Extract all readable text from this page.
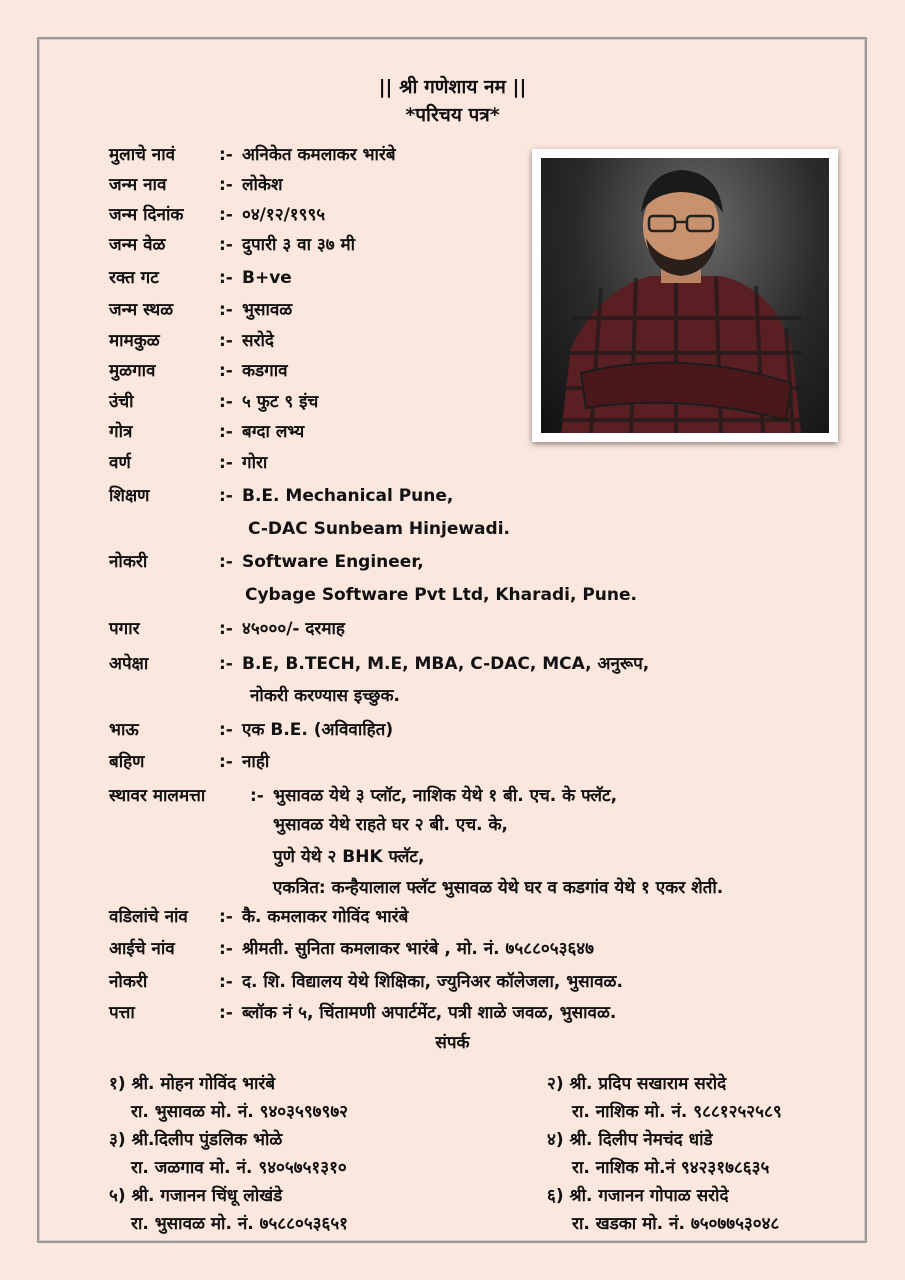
|| श्री गणेशाय नम ||
*परिचय पत्र*
मुलाचे नावं	:- अनिकेत कमलाकर भारंबे
जन्म नाव	:- लोकेश
जन्म दिनांक :- ०४/१२/१९९५
जन्म वेळ	:- दुपारी ३ वा ३७ मी
रक्त गट	:- B+ve
जन्म स्थळ	:- भुसावळ
मामकुळ	:- सरोदे
मुळगाव	:- कडगाव
उंची	:- ५ फुट ९ इंच
गोत्र	:- बग्दा लभ्य
वर्ण	:- गोरा
शिक्षण	:- B.E. Mechanical Pune,
C-DAC Sunbeam Hinjewadi.
नोकरी	:- Software Engineer,
Cybage Software Pvt Ltd, Kharadi, Pune.
पगार	:- ४५०००/- दरमाह
अपेक्षा	:- B.E, B.TECH, M.E, MBA, C-DAC, MCA, अनुरूप,
नोकरी करण्यास इच्छुक.
भाऊ	:- एक B.E. (अविवाहित)
बहिण	:- नाही
स्थावर मालमत्ता	:- भुसावळ येथे ३ प्लॉट, नाशिक येथे १ बी. एच. के फ्लॅट,
भुसावळ येथे राहते घर २ बी. एच. के,
पुणे येथे २ BHK फ्लॅट,
एकत्रित: कन्हैयालाल फ्लॅट भुसावळ येथे घर व कडगांव येथे १ एकर शेती.
वडिलांचे नांव :- कै. कमलाकर गोविंद भारंबे
आईचे नांव	:- श्रीमती. सुनिता कमलाकर भारंबे , मो. नं. ७५८८०५३६४७
नोकरी	:- द. शि. विद्यालय येथे शिक्षिका, ज्युनिअर कॉलेजला, भुसावळ.
पत्ता	:- ब्लॉक नं ५, चिंतामणी अपार्टमेंट, पत्री शाळे जवळ, भुसावळ.
संपर्क
१) श्री. मोहन गोविंद भारंबे
रा. भुसावळ मो. नं. ९४०३५९७९७२
२) श्री. प्रदिप सखाराम सरोदे
रा. नाशिक मो. नं. ९८८१२५२५८९
३) श्री.दिलीप पुंडलिक भोळे
रा. जळगाव मो. नं. ९४०५७५१३१०
४) श्री. दिलीप नेमचंद धांडे
रा. नाशिक मो.नं ९४२३१७८६३५
५) श्री. गजानन चिंधू लोखंडे
रा. भुसावळ मो. नं. ७५८८०५३६५१
६) श्री. गजानन गोपाळ सरोदे
रा. खडका मो. नं. ७५०७७५३०४८
